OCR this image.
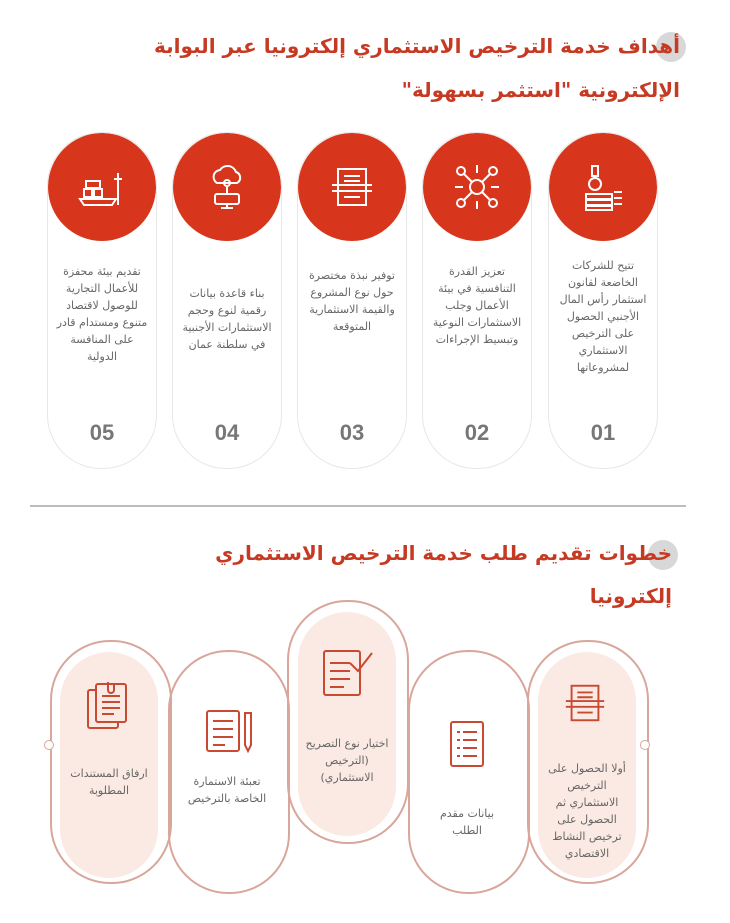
أهداف خدمة الترخيص الاستثماري إلكترونيا عبر البوابة
الإلكترونية "استثمر بسهولة"
تتيح للشركات الخاضعة لقانون استثمار رأس المال الأجنبي الحصول على الترخيص الاستثماري لمشروعاتها
01
تعزيز القدرة التنافسية في بيئة الأعمال وجلب الاستثمارات النوعية وتبسيط الإجراءات
02
توفير نبذة مختصرة حول نوع المشروع والقيمة الاستثمارية المتوقعة
03
بناء قاعدة بيانات رقمية لنوع وحجم الاستثمارات الأجنبية في سلطنة عمان
04
تقديم بيئة محفزة للأعمال التجارية للوصول لاقتصاد متنوع ومستدام قادر على المنافسة الدولية
05
خطوات تقديم طلب خدمة الترخيص الاستثماري
إلكترونيا
أولا الحصول على الترخيص الاستثماري ثم الحصول على ترخيص النشاط الاقتصادي
بيانات مقدم الطلب
اختيار نوع التصريح (الترخيص الاستثماري)
تعبئة الاستمارة الخاصة بالترخيص
ارفاق المستندات المطلوبة
